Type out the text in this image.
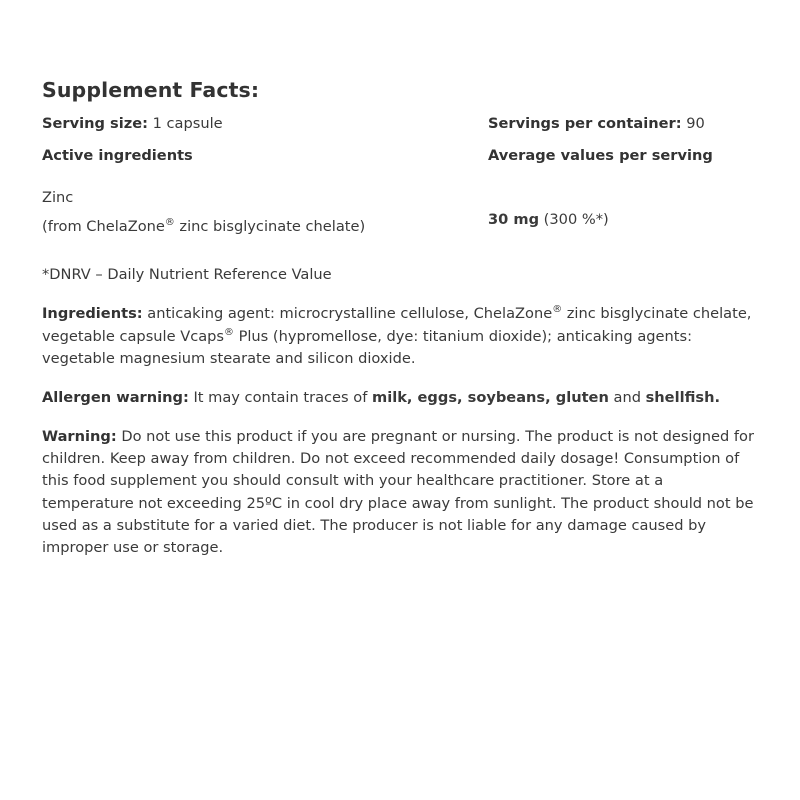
Supplement Facts:
Serving size: 1 capsule	Servings per container: 90
Active ingredients	Average values per serving

Zinc
(from ChelaZone® zinc bisglycinate chelate)	30 mg (300 %*)
*DNRV – Daily Nutrient Reference Value

Ingredients: anticaking agent: microcrystalline cellulose, ChelaZone® zinc bisglycinate chelate, vegetable capsule Vcaps® Plus (hypromellose, dye: titanium dioxide); anticaking agents: vegetable magnesium stearate and silicon dioxide.

Allergen warning: It may contain traces of milk, eggs, soybeans, gluten and shellfish.

Warning: Do not use this product if you are pregnant or nursing. The product is not designed for children. Keep away from children. Do not exceed recommended daily dosage! Consumption of this food supplement you should consult with your healthcare practitioner. Store at a temperature not exceeding 25ºC in cool dry place away from sunlight. The product should not be used as a substitute for a varied diet. The producer is not liable for any damage caused by improper use or storage.
